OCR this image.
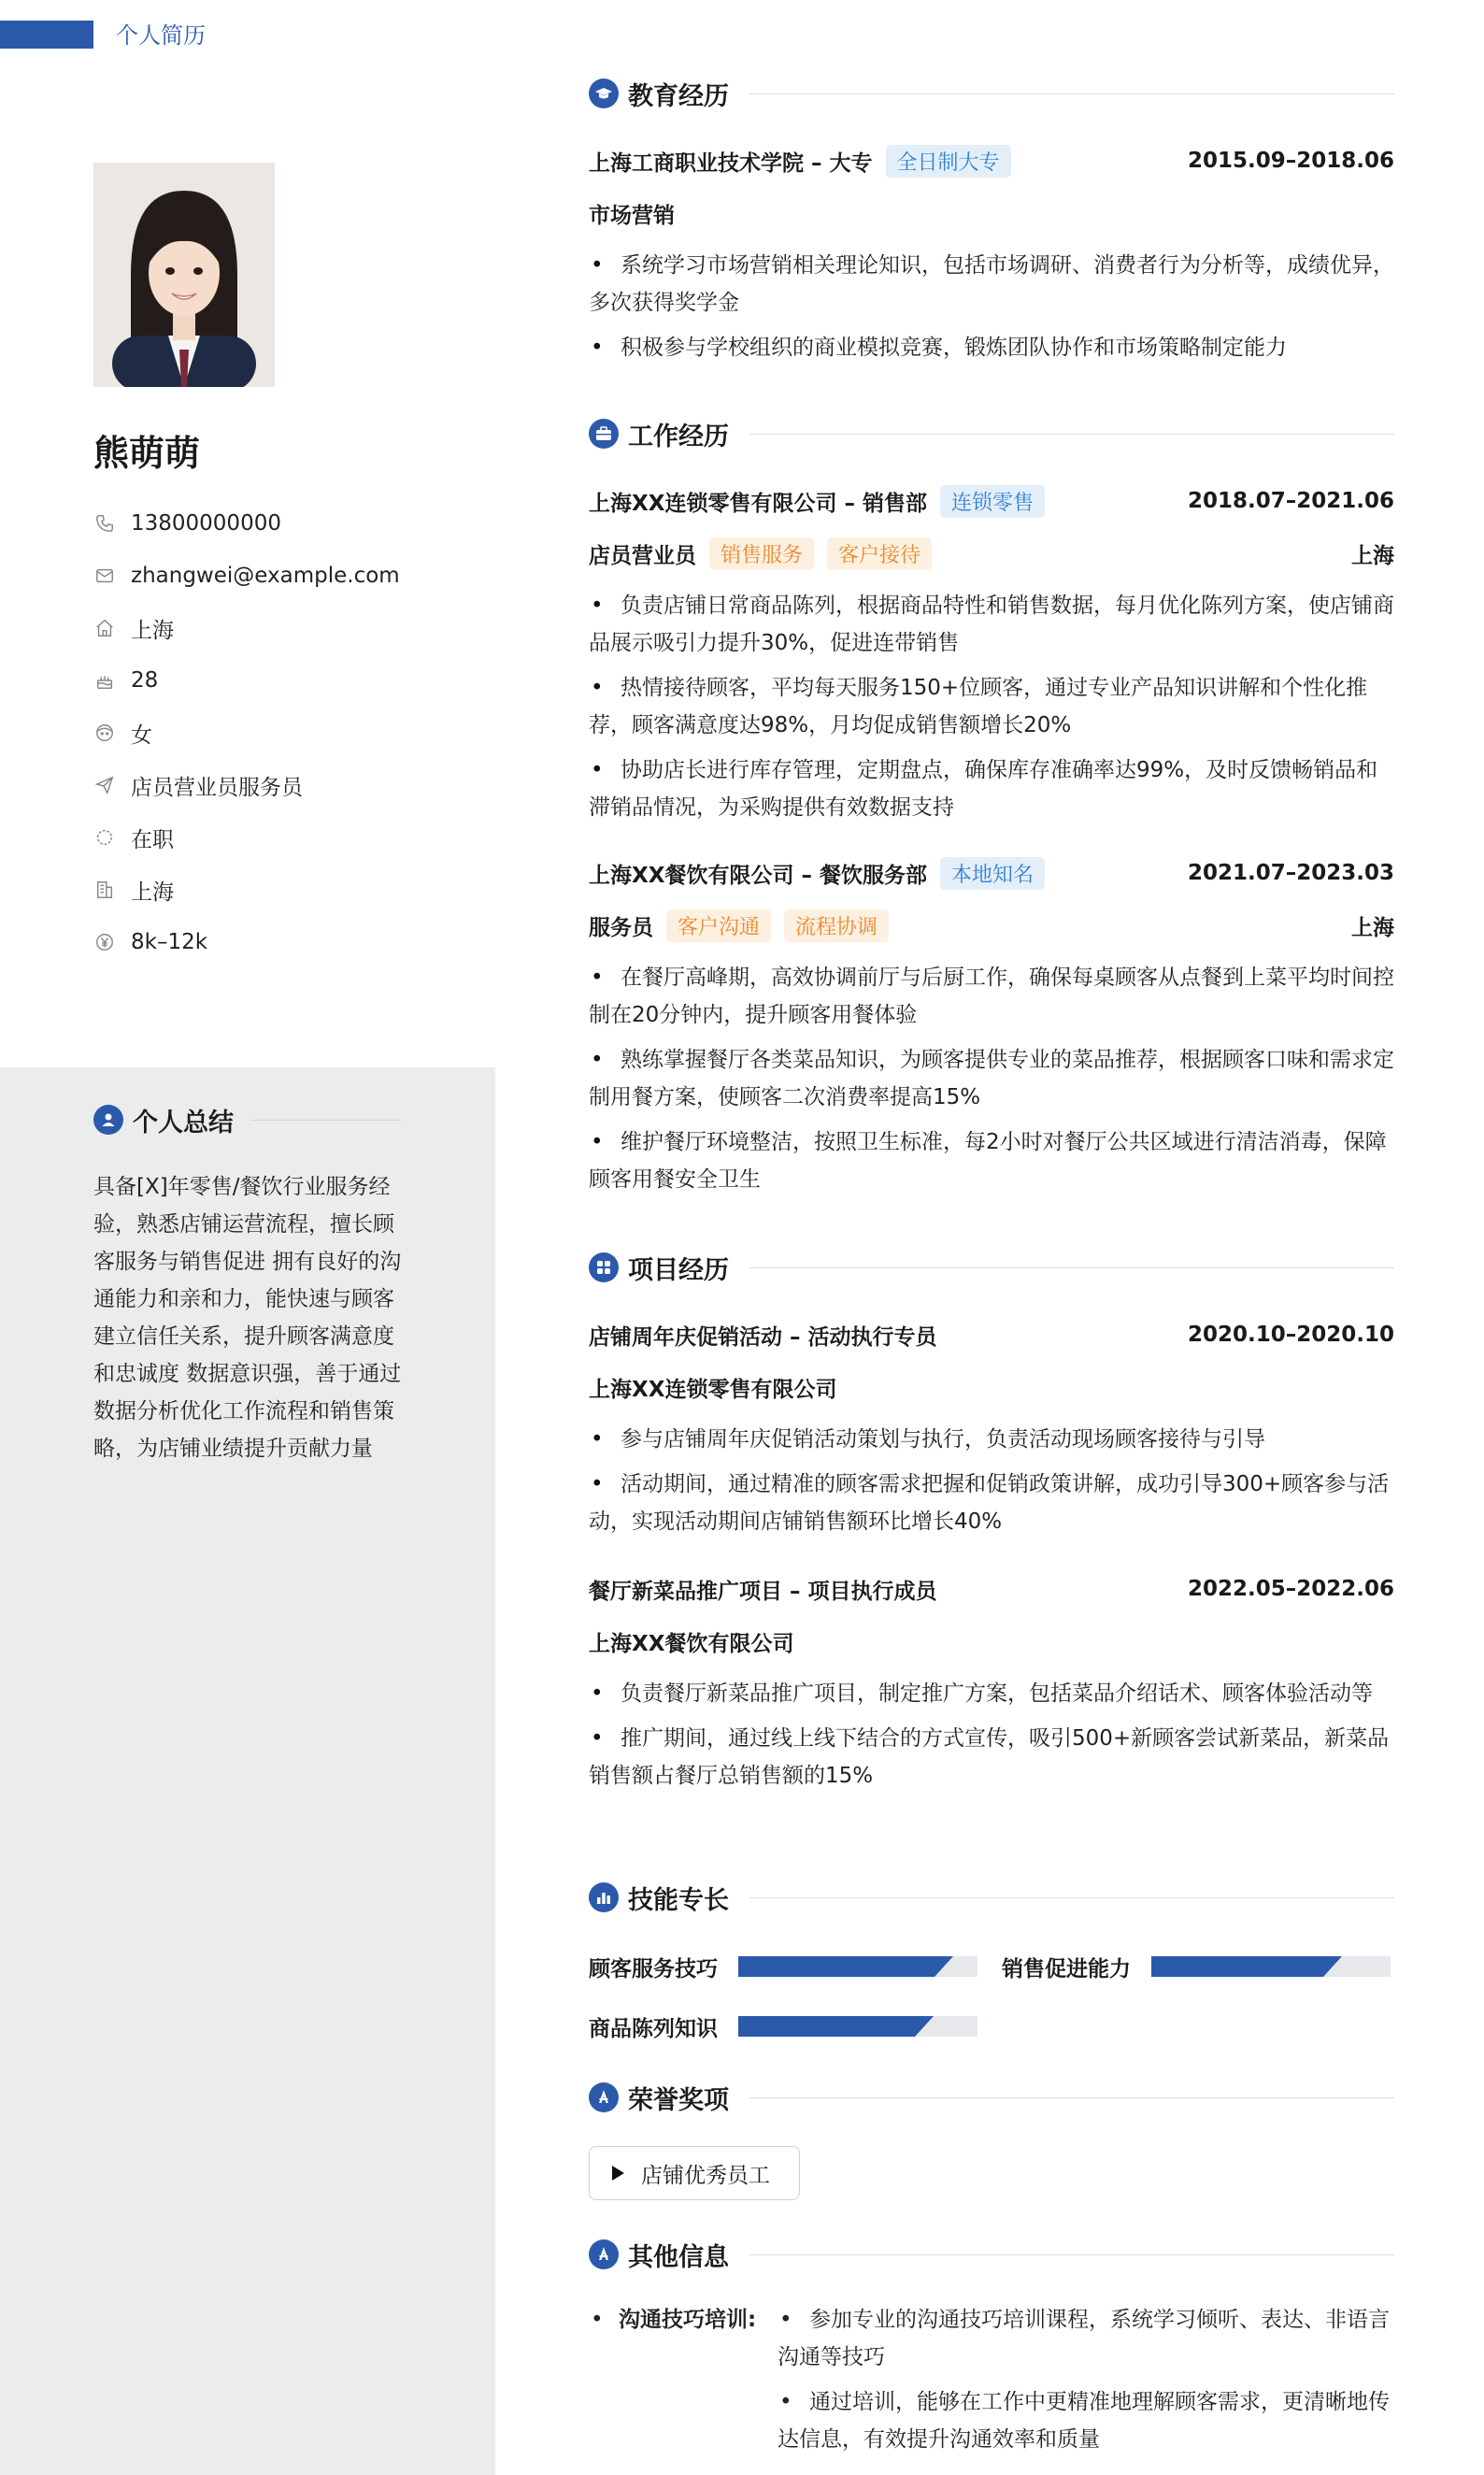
个人简历
熊萌萌
13800000000
zhangwei@example.com
上海
28
女
店员营业员服务员
在职
上海
8k–12k
个人总结
具备[X]年零售/餐饮行业服务经验，熟悉店铺运营流程，擅长顾客服务与销售促进 拥有良好的沟通能力和亲和力，能快速与顾客建立信任关系，提升顾客满意度和忠诚度 数据意识强，善于通过数据分析优化工作流程和销售策略，为店铺业绩提升贡献力量
教育经历
上海工商职业技术学院 – 大专	全日制大专	2015.09–2018.06
市场营销
• 系统学习市场营销相关理论知识，包括市场调研、消费者行为分析等，成绩优异，多次获得奖学金
• 积极参与学校组织的商业模拟竞赛，锻炼团队协作和市场策略制定能力
工作经历
上海XX连锁零售有限公司 – 销售部	连锁零售	2018.07–2021.06
店员营业员	销售服务	客户接待	上海
• 负责店铺日常商品陈列，根据商品特性和销售数据，每月优化陈列方案，使店铺商品展示吸引力提升30%，促进连带销售
• 热情接待顾客，平均每天服务150+位顾客，通过专业产品知识讲解和个性化推荐，顾客满意度达98%，月均促成销售额增长20%
• 协助店长进行库存管理，定期盘点，确保库存准确率达99%，及时反馈畅销品和滞销品情况，为采购提供有效数据支持
上海XX餐饮有限公司 – 餐饮服务部	本地知名	2021.07–2023.03
服务员	客户沟通	流程协调	上海
• 在餐厅高峰期，高效协调前厅与后厨工作，确保每桌顾客从点餐到上菜平均时间控制在20分钟内，提升顾客用餐体验
• 熟练掌握餐厅各类菜品知识，为顾客提供专业的菜品推荐，根据顾客口味和需求定制用餐方案，使顾客二次消费率提高15%
• 维护餐厅环境整洁，按照卫生标准，每2小时对餐厅公共区域进行清洁消毒，保障顾客用餐安全卫生
项目经历
店铺周年庆促销活动 – 活动执行专员	2020.10–2020.10
上海XX连锁零售有限公司
• 参与店铺周年庆促销活动策划与执行，负责活动现场顾客接待与引导
• 活动期间，通过精准的顾客需求把握和促销政策讲解，成功引导300+顾客参与活动，实现活动期间店铺销售额环比增长40%
餐厅新菜品推广项目 – 项目执行成员	2022.05–2022.06
上海XX餐饮有限公司
• 负责餐厅新菜品推广项目，制定推广方案，包括菜品介绍话术、顾客体验活动等
• 推广期间，通过线上线下结合的方式宣传，吸引500+新顾客尝试新菜品，新菜品销售额占餐厅总销售额的15%
技能专长
顾客服务技巧	销售促进能力
商品陈列知识
荣誉奖项
店铺优秀员工
其他信息
• 沟通技巧培训:
•	参加专业的沟通技巧培训课程，系统学习倾听、表达、非语言沟通等技巧
• 通过培训，能够在工作中更精准地理解顾客需求，更清晰地传达信息，有效提升沟通效率和质量
